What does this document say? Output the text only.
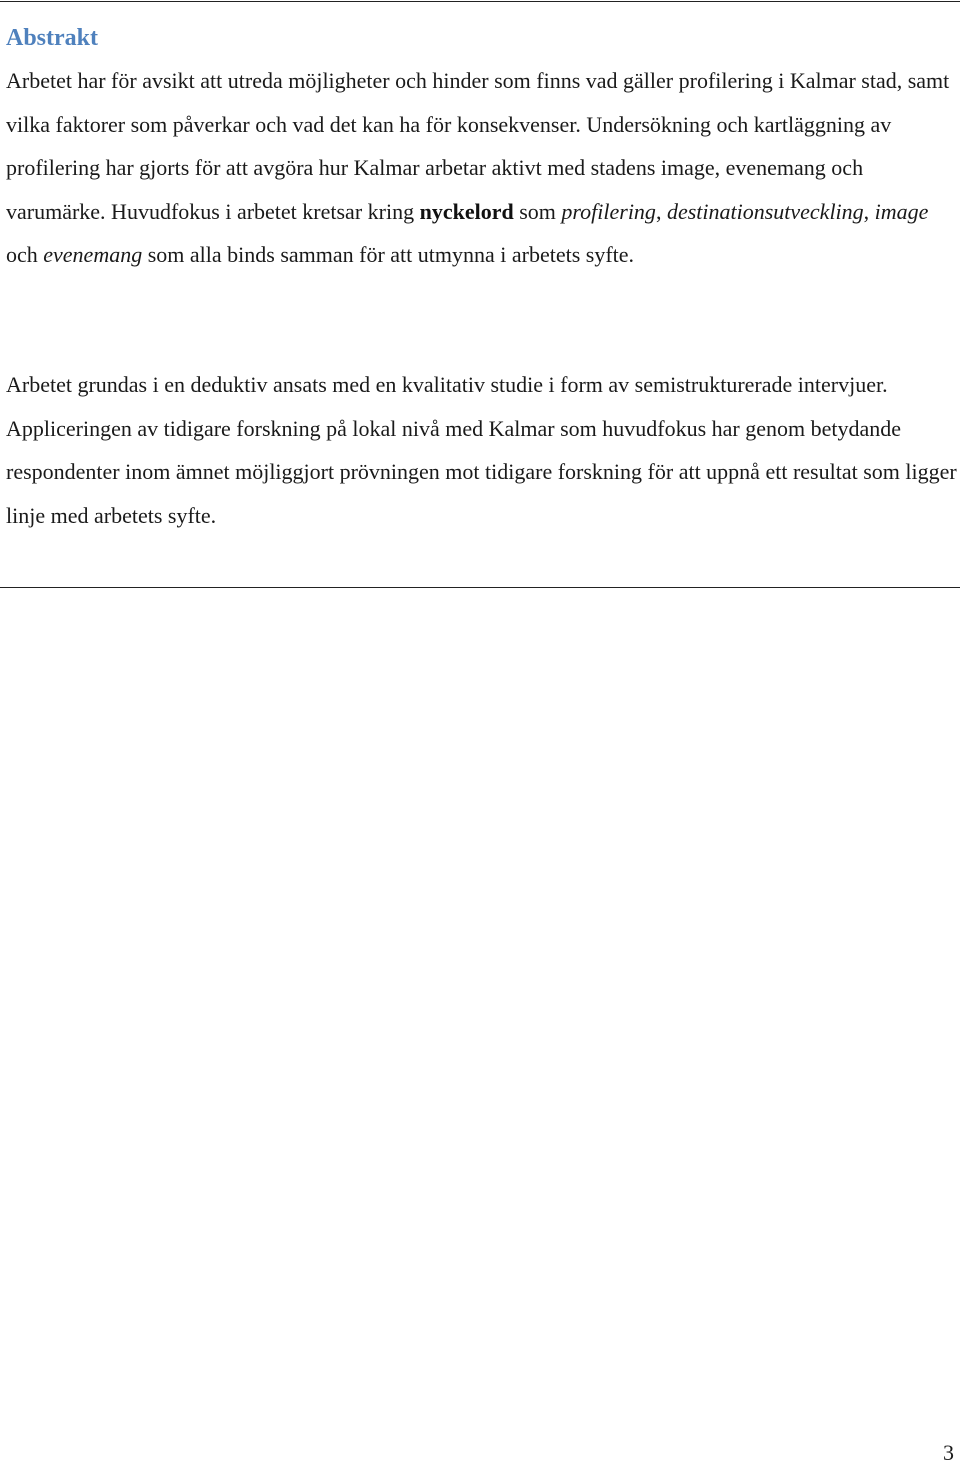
Abstrakt

Arbetet har för avsikt att utreda möjligheter och hinder som finns vad gäller profilering i Kalmar stad, samt vilka faktorer som påverkar och vad det kan ha för konsekvenser. Undersökning och kartläggning av profilering har gjorts för att avgöra hur Kalmar arbetar aktivt med stadens image, evenemang och varumärke. Huvudfokus i arbetet kretsar kring nyckelord som profilering, destinationsutveckling, image och evenemang som alla binds samman för att utmynna i arbetets syfte.

Arbetet grundas i en deduktiv ansats med en kvalitativ studie i form av semistrukturerade intervjuer. Appliceringen av tidigare forskning på lokal nivå med Kalmar som huvudfokus har genom betydande respondenter inom ämnet möjliggjort prövningen mot tidigare forskning för att uppnå ett resultat som ligger linje med arbetets syfte.

3
